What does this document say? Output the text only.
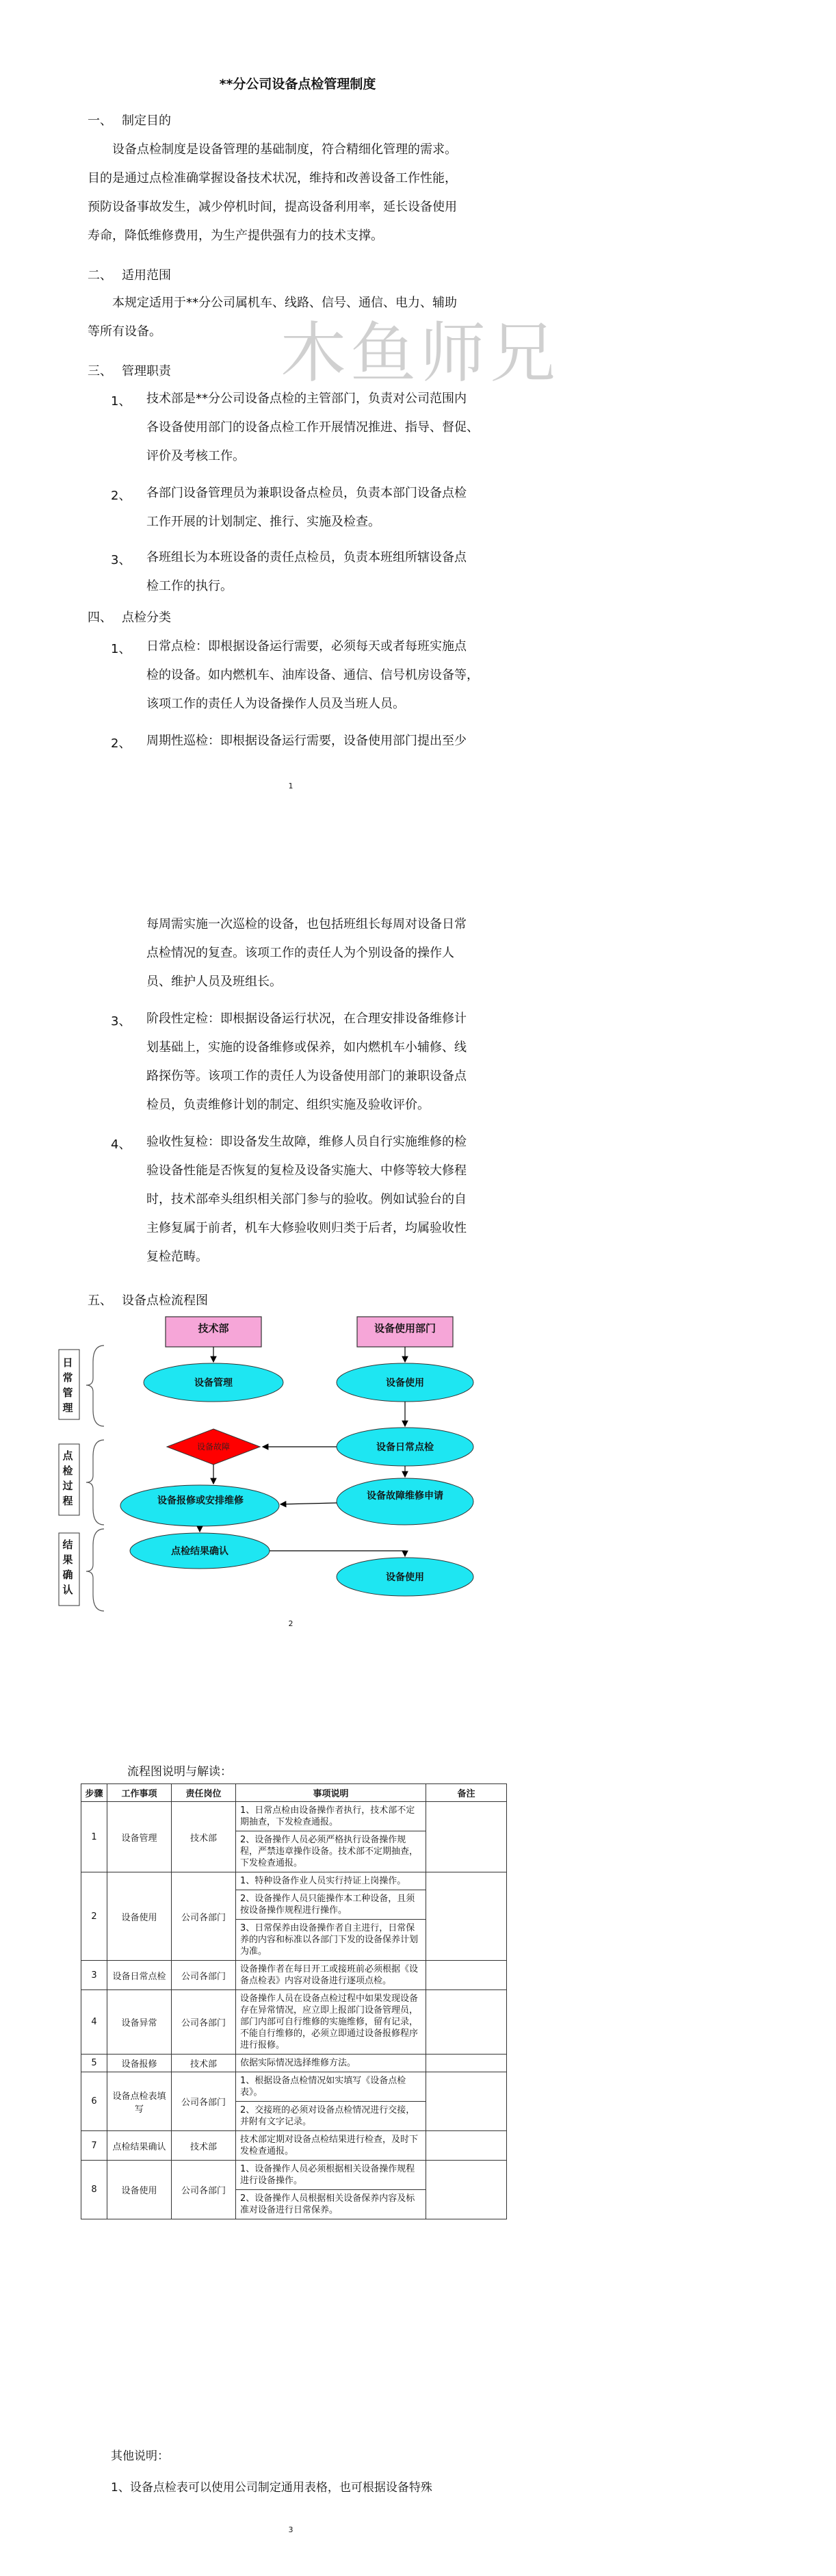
木鱼师兄
**分公司设备点检管理制度
一、 制定目的
设备点检制度是设备管理的基础制度，符合精细化管理的需求。
目的是通过点检准确掌握设备技术状况，维持和改善设备工作性能，
预防设备事故发生，减少停机时间，提高设备利用率，延长设备使用
寿命，降低维修费用，为生产提供强有力的技术支撑。
二、 适用范围
本规定适用于**分公司属机车、线路、信号、通信、电力、辅助
等所有设备。
三、 管理职责
1、 技术部是**分公司设备点检的主管部门，负责对公司范围内
各设备使用部门的设备点检工作开展情况推进、指导、督促、
评价及考核工作。
2、 各部门设备管理员为兼职设备点检员，负责本部门设备点检
工作开展的计划制定、推行、实施及检查。
3、 各班组长为本班设备的责任点检员，负责本班组所辖设备点
检工作的执行。
四、 点检分类
1、 日常点检：即根据设备运行需要，必须每天或者每班实施点
检的设备。如内燃机车、油库设备、通信、信号机房设备等，
该项工作的责任人为设备操作人员及当班人员。
2、 周期性巡检：即根据设备运行需要，设备使用部门提出至少
1
每周需实施一次巡检的设备，也包括班组长每周对设备日常
点检情况的复查。该项工作的责任人为个别设备的操作人
员、维护人员及班组长。
3、 阶段性定检：即根据设备运行状况，在合理安排设备维修计
划基础上，实施的设备维修或保养，如内燃机车小辅修、线
路探伤等。该项工作的责任人为设备使用部门的兼职设备点
检员，负责维修计划的制定、组织实施及验收评价。
4、 验收性复检：即设备发生故障，维修人员自行实施维修的检
验设备性能是否恢复的复检及设备实施大、中修等较大修程
时，技术部牵头组织相关部门参与的验收。例如试验台的自
主修复属于前者，机车大修验收则归类于后者，均属验收性
复检范畴。
五、 设备点检流程图
技术部	设备使用部门
设备管理	设备使用
设备日常点检
设备故障
设备报修或安排维修	设备故障维修申请
点检结果确认
设备使用
日常管理
点检过程
结果确认
2
流程图说明与解读：
步骤	工作事项	责任岗位	事项说明	备注
1	设备管理	技术部	1、日常点检由设备操作者执行，技术部不定期抽查，下发检查通报。
2、设备操作人员必须严格执行设备操作规程，严禁违章操作设备。技术部不定期抽查，下发检查通报。	

2	设备使用	公司各部门	1、特种设备作业人员实行持证上岗操作。
2、设备操作人员只能操作本工种设备，且须按设备操作规程进行操作。
3、日常保养由设备操作者自主进行，日常保养的内容和标准以各部门下发的设备保养计划为准。	

3	设备日常点检	公司各部门	设备操作者在每日开工或接班前必须根据《设备点检表》内容对设备进行逐项点检。	

4	设备异常	公司各部门	设备操作人员在设备点检过程中如果发现设备存在异常情况，应立即上报部门设备管理员，部门内部可自行维修的实施维修，留有记录，不能自行维修的，必须立即通过设备报修程序进行报修。	

5	设备报修	技术部	依据实际情况选择维修方法。	

6	设备点检表填写	公司各部门	1、根据设备点检情况如实填写《设备点检表》。
2、交接班的必须对设备点检情况进行交接，并附有文字记录。	

7	点检结果确认	技术部	技术部定期对设备点检结果进行检查，及时下发检查通报。	

8	设备使用	公司各部门	1、设备操作人员必须根据相关设备操作规程进行设备操作。
2、设备操作人员根据相关设备保养内容及标准对设备进行日常保养。	

其他说明：
1、设备点检表可以使用公司制定通用表格，也可根据设备特殊
3
